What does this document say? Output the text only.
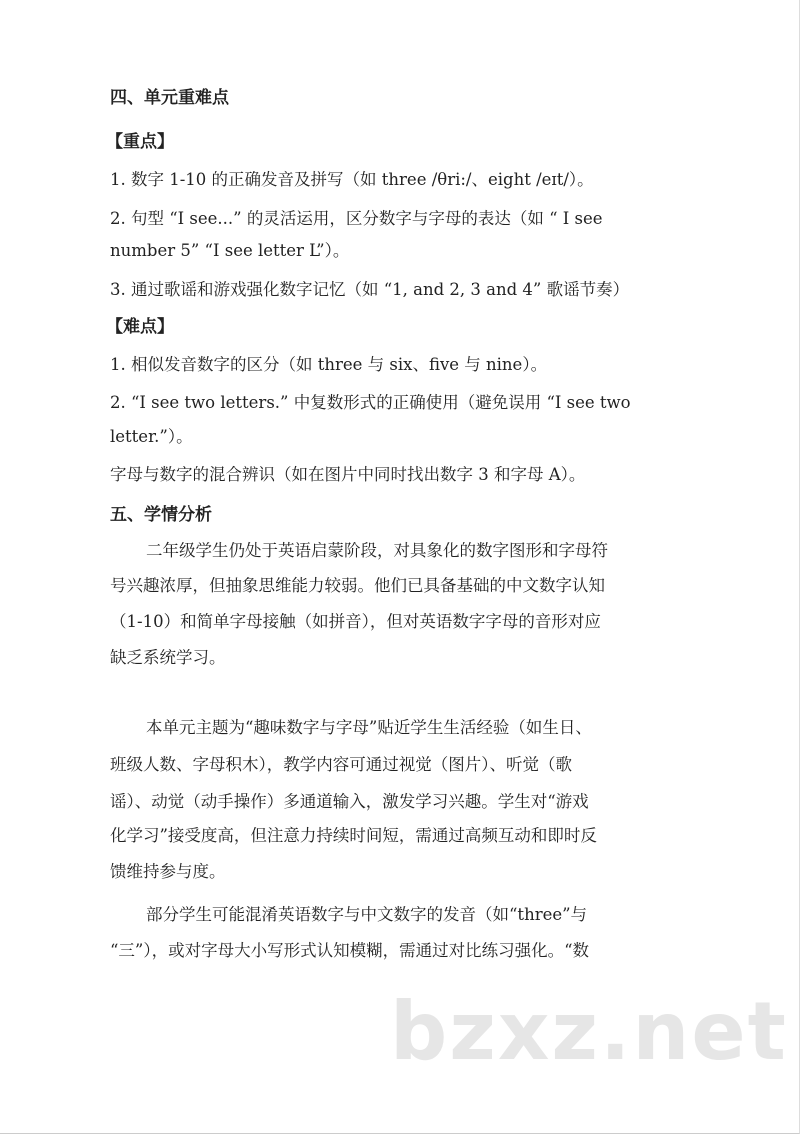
四、单元重难点
【重点】
1. 数字 1-10 的正确发音及拼写（如 three /θri:/、eight /eɪt/）。
2. 句型 “I see...” 的灵活运用，区分数字与字母的表达（如 “ I see
number 5” “I see letter L”）。
3. 通过歌谣和游戏强化数字记忆（如 “1, and 2, 3 and 4” 歌谣节奏）
【难点】
1. 相似发音数字的区分（如 three 与 six、five 与 nine）。
2. “I see two letters.” 中复数形式的正确使用（避免误用 “I see two
letter.”）。
字母与数字的混合辨识（如在图片中同时找出数字 3 和字母 A）。
五、学情分析
二年级学生仍处于英语启蒙阶段，对具象化的数字图形和字母符
号兴趣浓厚，但抽象思维能力较弱。他们已具备基础的中文数字认知
（1-10）和简单字母接触（如拼音），但对英语数字字母的音形对应
缺乏系统学习。
本单元主题为“趣味数字与字母”贴近学生生活经验（如生日、
班级人数、字母积木），教学内容可通过视觉（图片）、听觉（歌
谣）、动觉（动手操作）多通道输入，激发学习兴趣。学生对“游戏
化学习”接受度高，但注意力持续时间短，需通过高频互动和即时反
馈维持参与度。
部分学生可能混淆英语数字与中文数字的发音（如“three”与
“三”），或对字母大小写形式认知模糊，需通过对比练习强化。“数
bzxz.net
